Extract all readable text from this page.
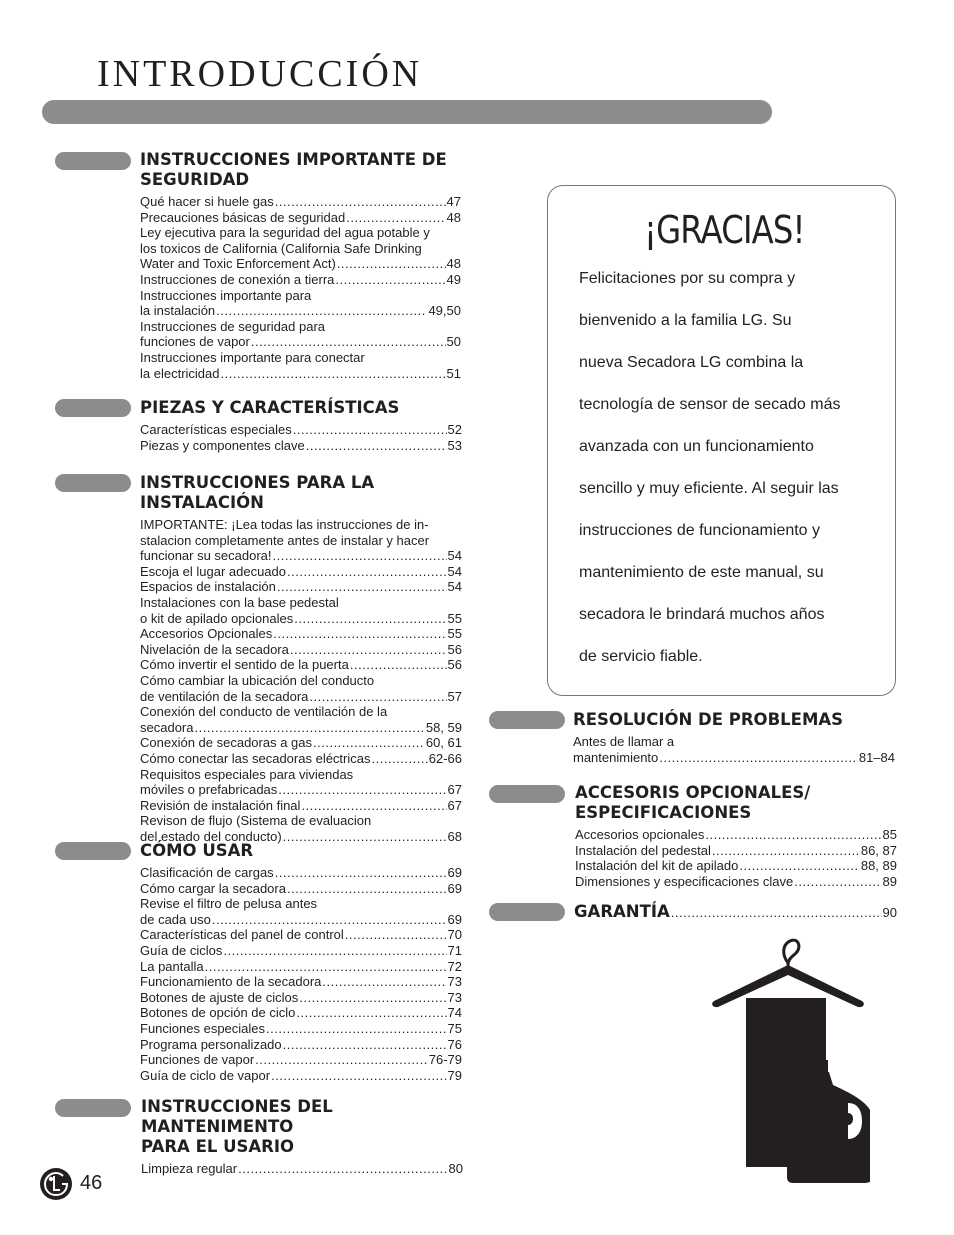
INTRODUCCIÓN
INSTRUCCIONES IMPORTANTE DE
SEGURIDAD
Qué hacer si huele gas .....	47
Precauciones básicas de seguridad .....	48
Ley ejecutiva para la seguridad del agua potable y
los toxicos de California (California Safe Drinking
Water and Toxic Enforcement Act) .....	48
Instrucciones de conexión a tierra .....	49
Instrucciones importante para
la instalación .....	49,50
Instrucciones de seguridad para
funciones de vapor .....	50
Instrucciones importante para conectar
la electricidad .....	51
PIEZAS Y CARACTERÍSTICAS
Características especiales .....	52
Piezas y componentes clave .....	53
INSTRUCCIONES PARA LA INSTALACIÓN
IMPORTANTE: ¡Lea todas las instrucciones de in-
stalacion completamente antes de instalar y hacer
funcionar su secadora! .....	54
Escoja el lugar adecuado .....	54
Espacios de instalación .....	54
Instalaciones con la base pedestal
o kit de apilado opcionales .....	55
Accesorios Opcionales .....	55
Nivelación de la secadora .....	56
Cómo invertir el sentido de la puerta .....	56
Cómo cambiar la ubicación del conducto
de ventilación de la secadora .....	57
Conexión del conducto de ventilación de la
secadora .....	58, 59
Conexión de secadoras a gas .....	60, 61
Cómo conectar las secadoras eléctricas .....	62-66
Requisitos especiales para viviendas
móviles o prefabricadas .....	67
Revisión de instalación final .....	67
Revison de flujo (Sistema de evaluacion
del estado del conducto) .....	68
CÓMO USAR
Clasificación de cargas .....	69
Cómo cargar la secadora .....	69
Revise el filtro de pelusa antes
de cada uso .....	69
Características del panel de control .....	70
Guía de ciclos .....	71
La pantalla .....	72
Funcionamiento de la secadora .....	73
Botones de ajuste de ciclos .....	73
Botones de opción de ciclo .....	74
Funciones especiales .....	75
Programa personalizado .....	76
Funciones de vapor .....	76-79
Guía de ciclo de vapor .....	79
INSTRUCCIONES DEL MANTENIMENTO
PARA EL USARIO
Limpieza regular .....	80
¡GRACIAS!
Felicitaciones por su compra y
bienvenido a la familia LG. Su
nueva Secadora LG combina la
tecnología de sensor de secado más
avanzada con un funcionamiento
sencillo y muy eficiente. Al seguir las
instrucciones de funcionamiento y
mantenimiento de este manual, su
secadora le brindará muchos años
de servicio fiable.
RESOLUCIÓN DE PROBLEMAS
Antes de llamar a
mantenimiento .....	81–84
ACCESORIS OPCIONALES/
ESPECIFICACIONES
Accesorios opcionales .....	85
Instalación del pedestal .....	86, 87
Instalación del kit de apilado .....	88, 89
Dimensiones y especificaciones clave .....	89
GARANTÍA .....	90
46
